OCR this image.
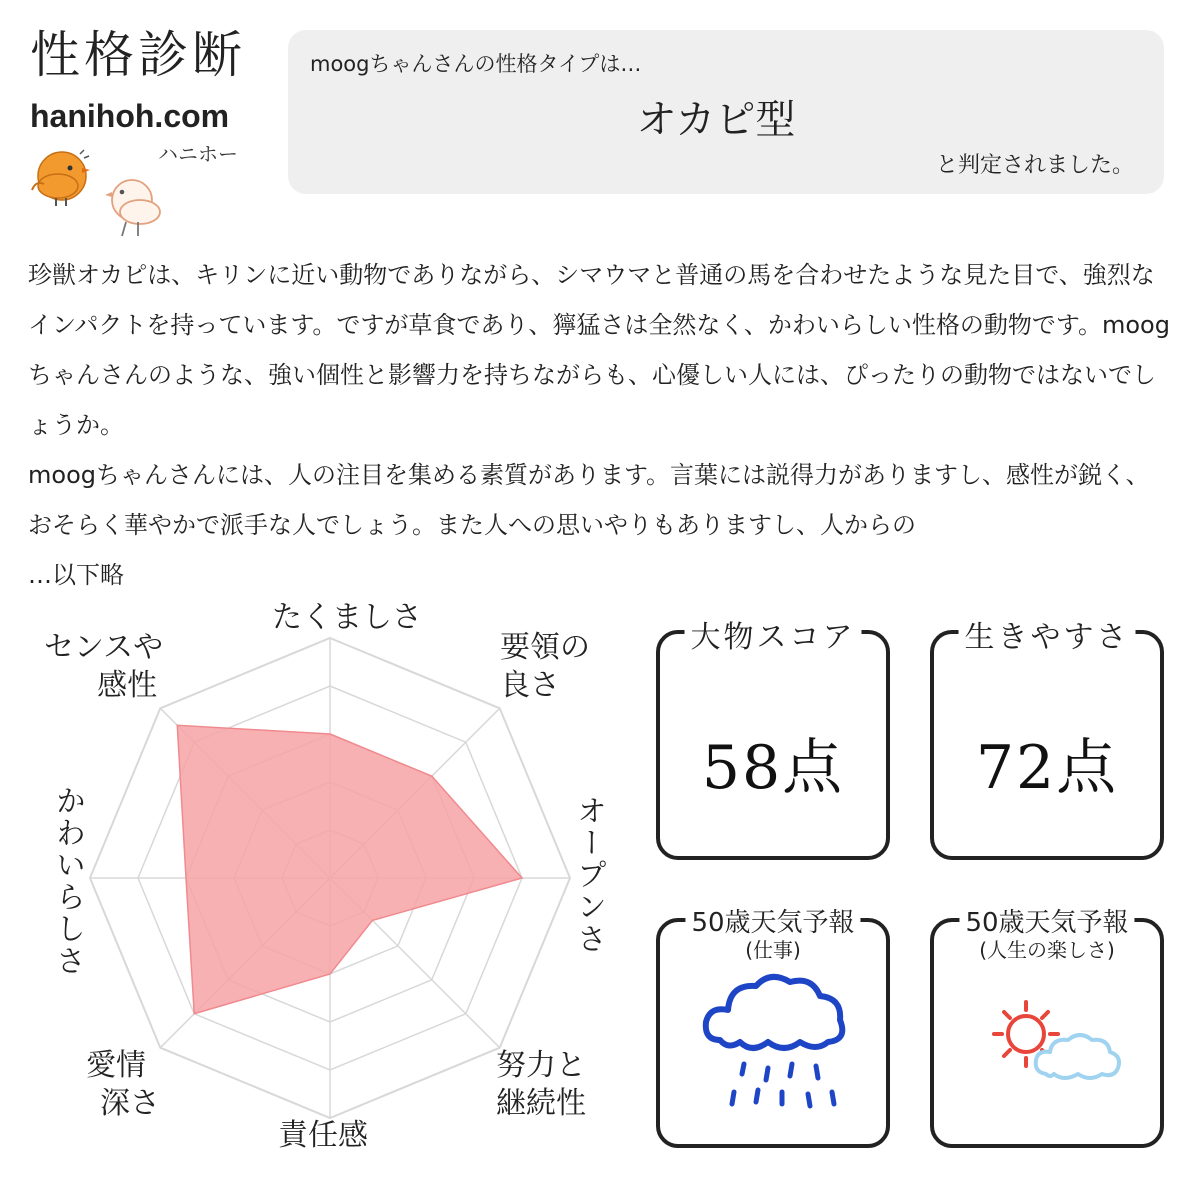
性格診断
hanihoh.com
ハニホー
moogちゃんさんの性格タイプは…
オカピ型
と判定されました。

珍獣オカピは、キリンに近い動物でありながら、シマウマと普通の馬を合わせたような見た目で、強烈なインパクトを持っています。ですが草食であり、獰猛さは全然なく、かわいらしい性格の動物です。moogちゃんさんのような、強い個性と影響力を持ちながらも、心優しい人には、ぴったりの動物ではないでしょうか。

moogちゃんさんには、人の注目を集める素質があります。言葉には説得力がありますし、感性が鋭く、おそらく華やかで派手な人でしょう。また人への思いやりもありますし、人からの

…以下略

たくましさ
要領の
良さ
オープンさ
努力と
継続性
責任感
愛情
深さ
かわいらしさ
センスや
感性
大物スコア
58点
生きやすさ
72点
50歳天気予報
(仕事)
50歳天気予報
(人生の楽しさ)
